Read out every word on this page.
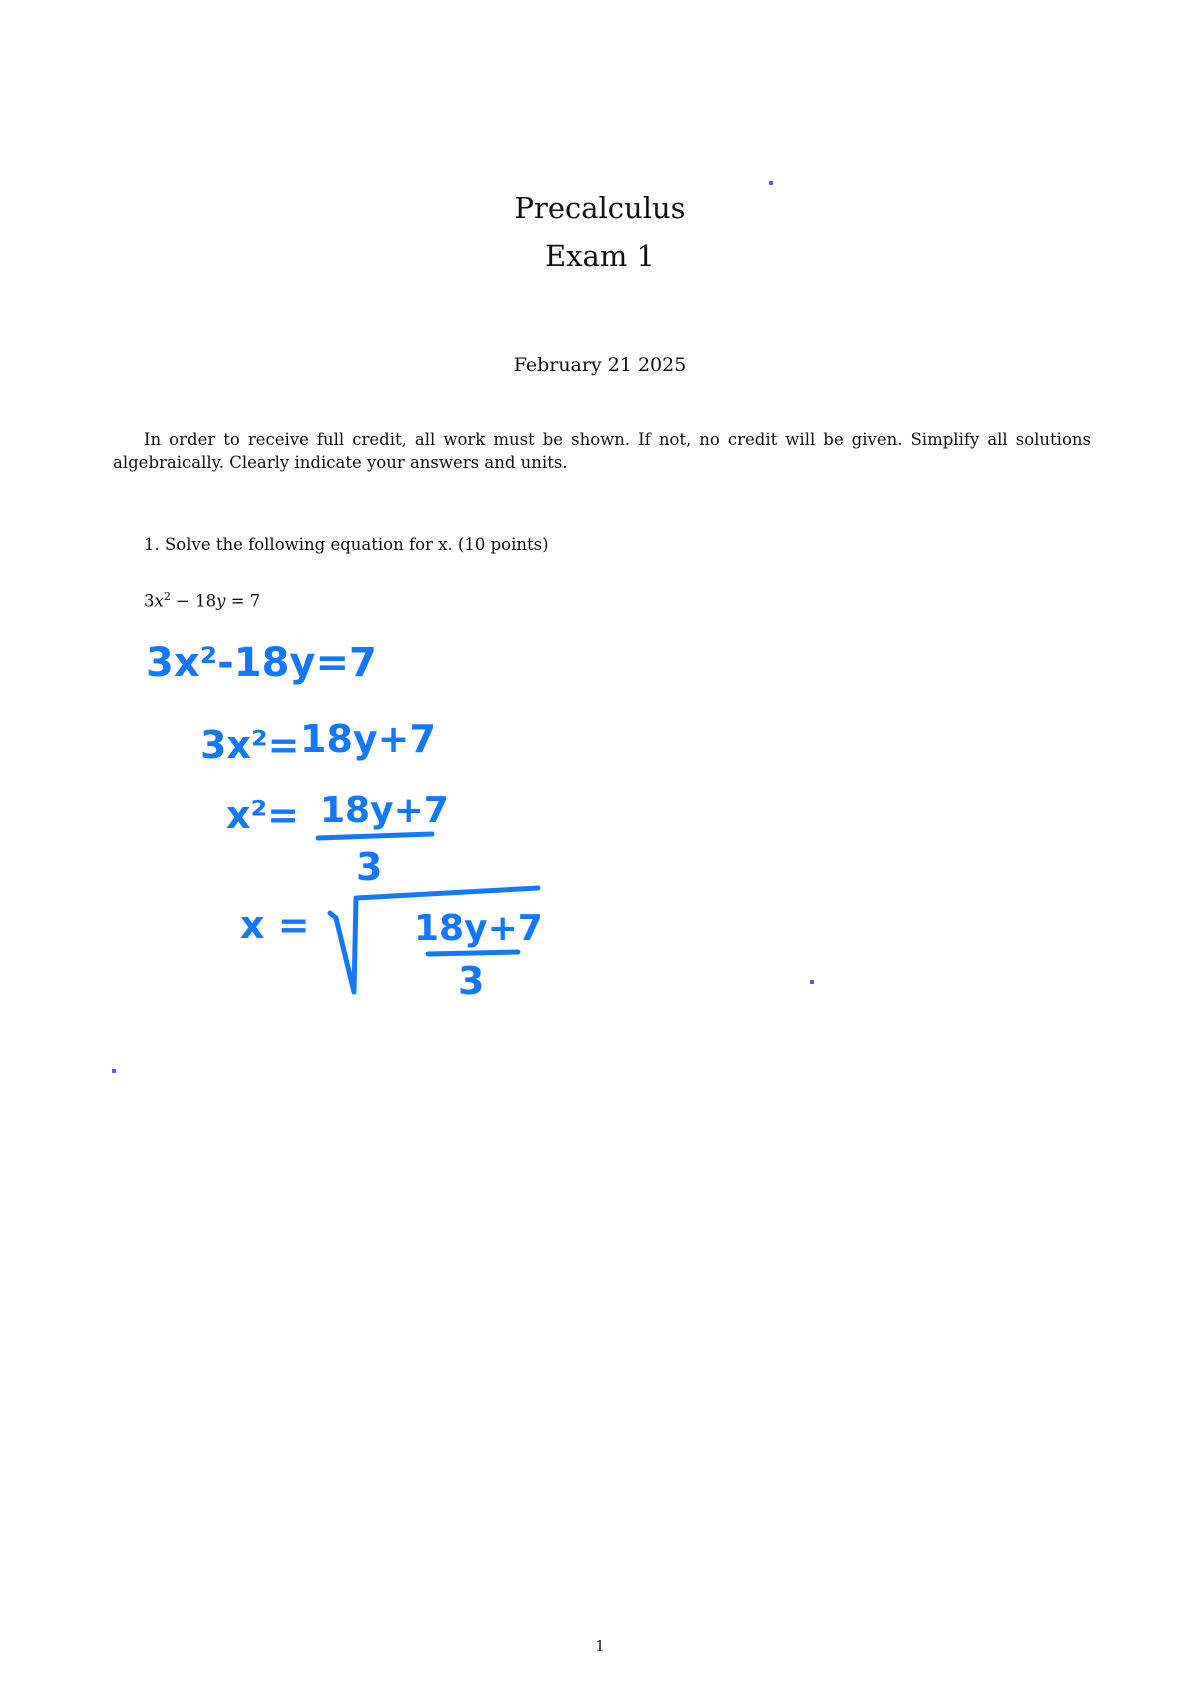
Precalculus
Exam 1
February 21 2025
In order to receive full credit, all work must be shown. If not, no credit will be given. Simplify all solutions algebraically. Clearly indicate your answers and units.
1. Solve the following equation for x. (10 points)
$3x^2 - 18y = 7$
3x²-18y=7
3x²= 18y+7
x²= 18y+7
3
x =	18y+7
3
1
